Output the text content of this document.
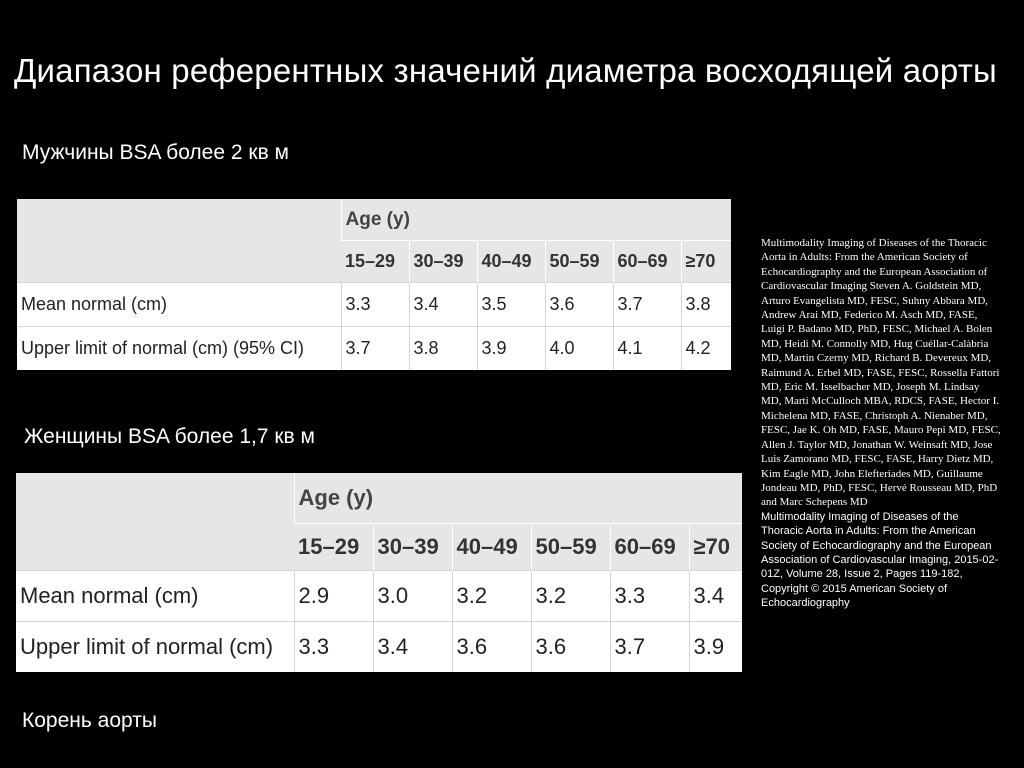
Диапазон референтных значений диаметра восходящей аорты
Мужчины BSA более 2 кв м
	Age (y)					
	15–29	30–39	40–49	50–59	60–69	≥70
Mean normal (cm)	3.3	3.4	3.5	3.6	3.7	3.8
Upper limit of normal (cm) (95% CI)	3.7	3.8	3.9	4.0	4.1	4.2
Женщины BSA более 1,7 кв м
	Age (y)					
	15–29	30–39	40–49	50–59	60–69	≥70
Mean normal (cm)	2.9	3.0	3.2	3.2	3.3	3.4
Upper limit of normal (cm)	3.3	3.4	3.6	3.6	3.7	3.9
Корень аорты
Multimodality Imaging of Diseases of the Thoracic Aorta in Adults: From the American Society of Echocardiography and the European Association of Cardiovascular Imaging Steven A. Goldstein MD, Arturo Evangelista MD, FESC, Suhny Abbara MD, Andrew Arai MD, Federico M. Asch MD, FASE, Luigi P. Badano MD, PhD, FESC, Michael A. Bolen MD, Heidi M. Connolly MD, Hug Cuéllar-Calàbria MD, Martin Czerny MD, Richard B. Devereux MD, Raimund A. Erbel MD, FASE, FESC, Rossella Fattori MD, Eric M. Isselbacher MD, Joseph M. Lindsay MD, Marti McCulloch MBA, RDCS, FASE, Hector I. Michelena MD, FASE, Christoph A. Nienaber MD, FESC, Jae K. Oh MD, FASE, Mauro Pepi MD, FESC, Allen J. Taylor MD, Jonathan W. Weinsaft MD, Jose Luis Zamorano MD, FESC, FASE, Harry Dietz MD, Kim Eagle MD, John Elefteriades MD, Guillaume Jondeau MD, PhD, FESC, Hervé Rousseau MD, PhD and Marc Schepens MD
Multimodality Imaging of Diseases of the Thoracic Aorta in Adults: From the American Society of Echocardiography and the European Association of Cardiovascular Imaging, 2015-02-01Z, Volume 28, Issue 2, Pages 119-182, Copyright © 2015 American Society of Echocardiography
